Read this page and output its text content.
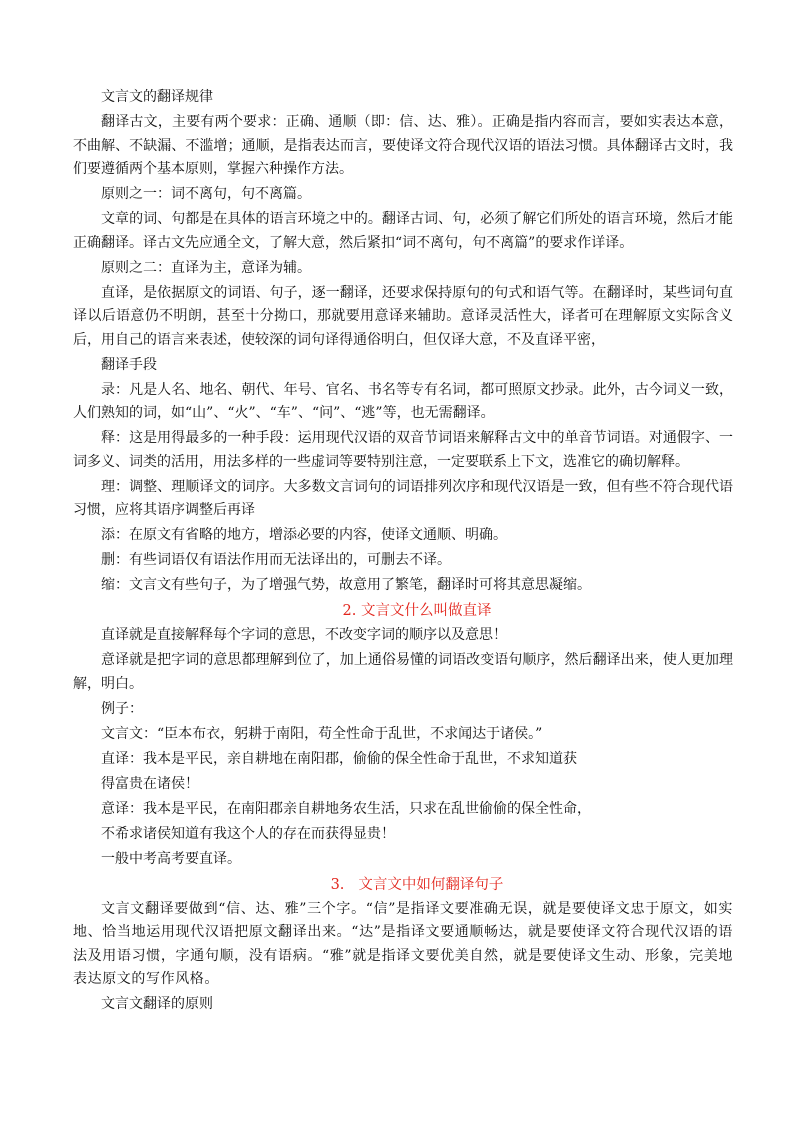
文言文的翻译规律

翻译古文，主要有两个要求：正确、通顺（即：信、达、雅）。正确是指内容而言，要如实表达本意，不曲解、不缺漏、不滥增；通顺，是指表达而言，要使译文符合现代汉语的语法习惯。具体翻译古文时，我们要遵循两个基本原则，掌握六种操作方法。

原则之一：词不离句，句不离篇。

文章的词、句都是在具体的语言环境之中的。翻译古词、句，必须了解它们所处的语言环境，然后才能正确翻译。译古文先应通全文，了解大意，然后紧扣“词不离句，句不离篇”的要求作详译。

原则之二：直译为主，意译为辅。

直译，是依据原文的词语、句子，逐一翻译，还要求保持原句的句式和语气等。在翻译时，某些词句直译以后语意仍不明朗，甚至十分拗口，那就要用意译来辅助。意译灵活性大，译者可在理解原文实际含义后，用自己的语言来表述，使较深的词句译得通俗明白，但仅译大意，不及直译平密，

翻译手段

录：凡是人名、地名、朝代、年号、官名、书名等专有名词，都可照原文抄录。此外，古今词义一致，人们熟知的词，如“山”、“火”、“车”、“问”、“逃”等，也无需翻译。

释：这是用得最多的一种手段：运用现代汉语的双音节词语来解释古文中的单音节词语。对通假字、一词多义、词类的活用，用法多样的一些虚词等要特别注意，一定要联系上下文，选准它的确切解释。

理：调整、理顺译文的词序。大多数文言词句的词语排列次序和现代汉语是一致，但有些不符合现代语习惯，应将其语序调整后再译

添：在原文有省略的地方，增添必要的内容，使译文通顺、明确。

删：有些词语仅有语法作用而无法译出的，可删去不译。

缩：文言文有些句子，为了增强气势，故意用了繁笔，翻译时可将其意思凝缩。

2. 文言文什么叫做直译

直译就是直接解释每个字词的意思，不改变字词的顺序以及意思！

意译就是把字词的意思都理解到位了，加上通俗易懂的词语改变语句顺序，然后翻译出来，使人更加理解，明白。

例子：

文言文：“臣本布衣，躬耕于南阳，苟全性命于乱世，不求闻达于诸侯。”

直译：我本是平民，亲自耕地在南阳郡，偷偷的保全性命于乱世，不求知道获

得富贵在诸侯！

意译：我本是平民，在南阳郡亲自耕地务农生活，只求在乱世偷偷的保全性命，

不希求诸侯知道有我这个人的存在而获得显贵！

一般中考高考要直译。

3. 文言文中如何翻译句子

文言文翻译要做到“信、达、雅”三个字。“信”是指译文要准确无误，就是要使译文忠于原文，如实地、恰当地运用现代汉语把原文翻译出来。“达”是指译文要通顺畅达，就是要使译文符合现代汉语的语法及用语习惯，字通句顺，没有语病。“雅”就是指译文要优美自然，就是要使译文生动、形象，完美地表达原文的写作风格。

文言文翻译的原则
